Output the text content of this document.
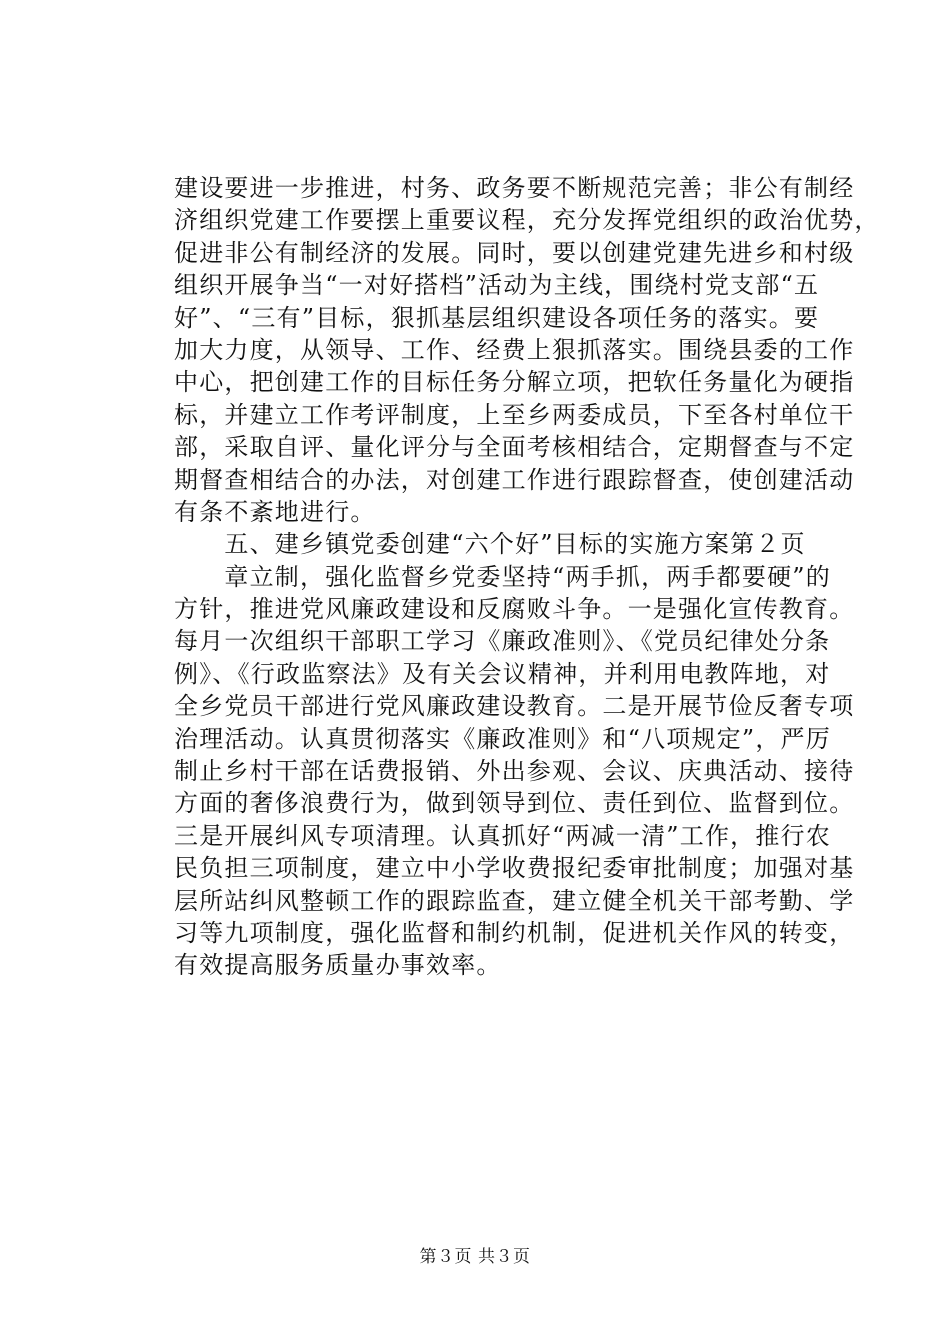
建设要进一步推进，村务、政务要不断规范完善；非公有制经
济组织党建工作要摆上重要议程，充分发挥党组织的政治优势，
促进非公有制经济的发展。同时，要以创建党建先进乡和村级
组织开展争当“一对好搭档”活动为主线，围绕村党支部“五
好”、“三有”目标，狠抓基层组织建设各项任务的落实。要
加大力度，从领导、工作、经费上狠抓落实。围绕县委的工作
中心，把创建工作的目标任务分解立项，把软任务量化为硬指
标，并建立工作考评制度，上至乡两委成员，下至各村单位干
部，采取自评、量化评分与全面考核相结合，定期督查与不定
期督查相结合的办法，对创建工作进行跟踪督查，使创建活动
有条不紊地进行。
　　五、建乡镇党委创建“六个好”目标的实施方案第２页
　　章立制，强化监督乡党委坚持“两手抓，两手都要硬”的
方针，推进党风廉政建设和反腐败斗争。一是强化宣传教育。
每月一次组织干部职工学习《廉政准则》、《党员纪律处分条
例》、《行政监察法》及有关会议精神，并利用电教阵地，对
全乡党员干部进行党风廉政建设教育。二是开展节俭反奢专项
治理活动。认真贯彻落实《廉政准则》和“八项规定”，严厉
制止乡村干部在话费报销、外出参观、会议、庆典活动、接待
方面的奢侈浪费行为，做到领导到位、责任到位、监督到位。
三是开展纠风专项清理。认真抓好“两减一清”工作，推行农
民负担三项制度，建立中小学收费报纪委审批制度；加强对基
层所站纠风整顿工作的跟踪监查，建立健全机关干部考勤、学
习等九项制度，强化监督和制约机制，促进机关作风的转变，
有效提高服务质量办事效率。
第３页 共３页
